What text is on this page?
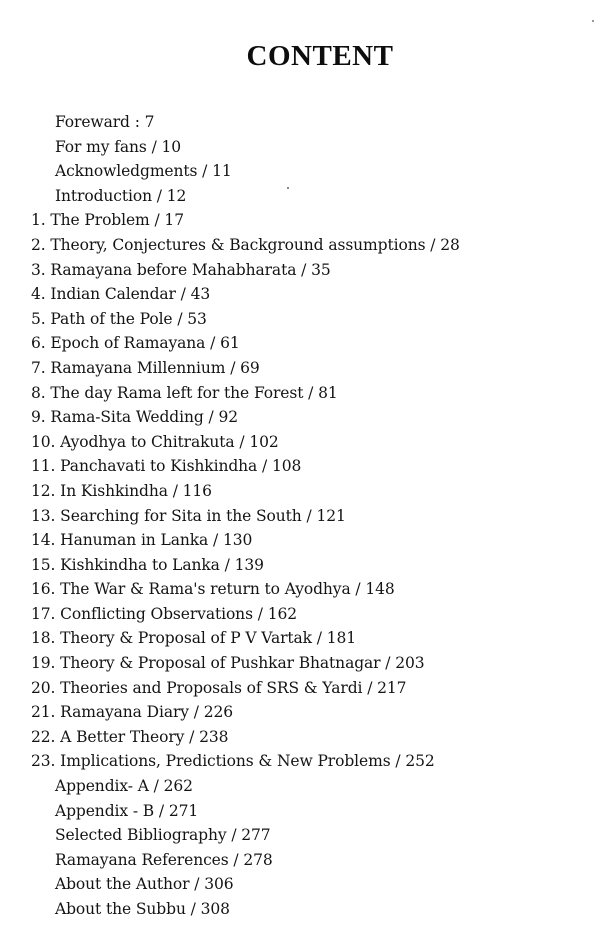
CONTENT
Foreward : 7
For my fans / 10
Acknowledgments / 11
Introduction / 12
1. The Problem / 17
2. Theory, Conjectures & Background assumptions / 28
3. Ramayana before Mahabharata / 35
4. Indian Calendar / 43
5. Path of the Pole / 53
6. Epoch of Ramayana / 61
7. Ramayana Millennium / 69
8. The day Rama left for the Forest / 81
9. Rama-Sita Wedding / 92
10. Ayodhya to Chitrakuta / 102
11. Panchavati to Kishkindha / 108
12. In Kishkindha / 116
13. Searching for Sita in the South / 121
14. Hanuman in Lanka / 130
15. Kishkindha to Lanka / 139
16. The War & Rama's return to Ayodhya / 148
17. Conflicting Observations / 162
18. Theory & Proposal of P V Vartak / 181
19. Theory & Proposal of Pushkar Bhatnagar / 203
20. Theories and Proposals of SRS & Yardi / 217
21. Ramayana Diary / 226
22. A Better Theory / 238
23. Implications, Predictions & New Problems / 252
Appendix- A / 262
Appendix - B / 271
Selected Bibliography / 277
Ramayana References / 278
About the Author / 306
About the Subbu / 308
